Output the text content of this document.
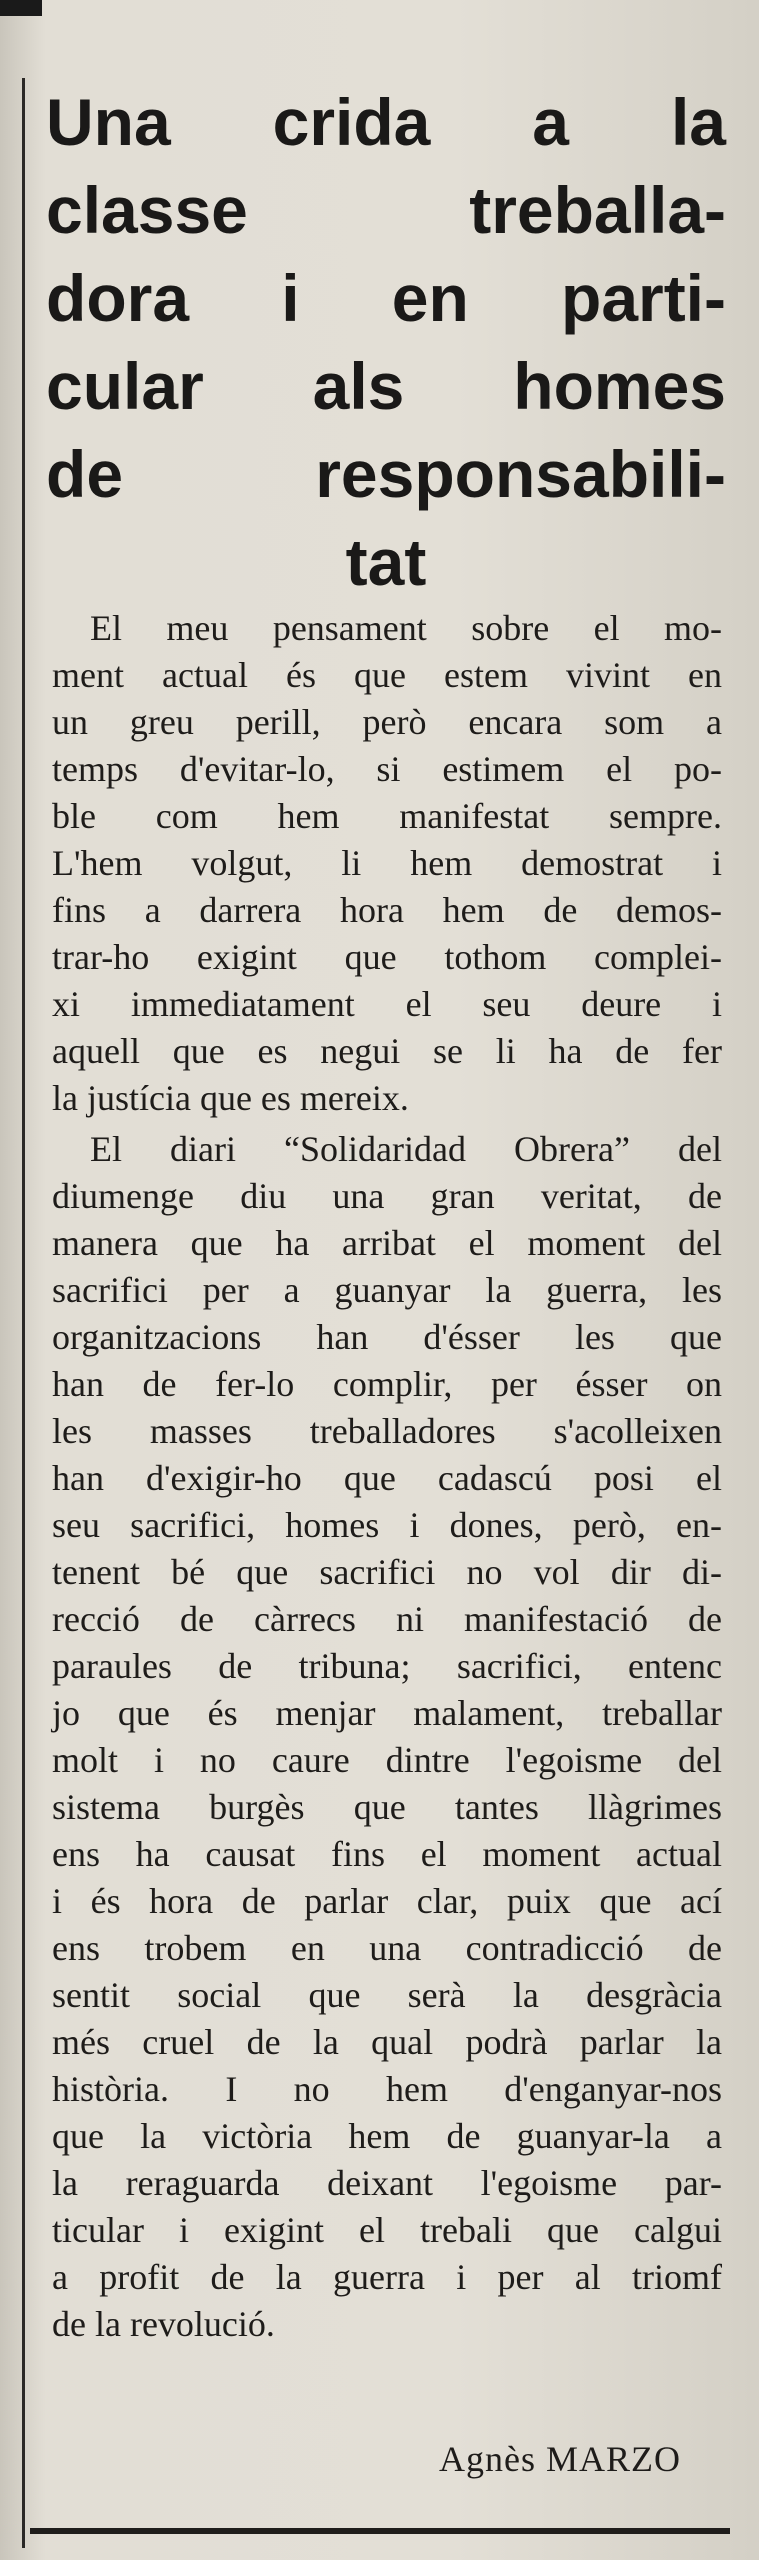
Una crida a la
classe treballa-
dora i en parti-
cular als homes
de responsabili-
tat
El meu pensament sobre el mo-
ment actual és que estem vivint en
un greu perill, però encara som a
temps d'evitar-lo, si estimem el po-
ble com hem manifestat sempre.
L'hem volgut, li hem demostrat i
fins a darrera hora hem de demos-
trar-ho exigint que tothom complei-
xi immediatament el seu deure i
aquell que es negui se li ha de fer
la justícia que es mereix.
El diari “Solidaridad Obrera” del
diumenge diu una gran veritat, de
manera que ha arribat el moment del
sacrifici per a guanyar la guerra, les
organitzacions han d'ésser les que
han de fer-lo complir, per ésser on
les masses treballadores s'acolleixen
han d'exigir-ho que cadascú posi el
seu sacrifici, homes i dones, però, en-
tenent bé que sacrifici no vol dir di-
recció de càrrecs ni manifestació de
paraules de tribuna; sacrifici, entenc
jo que és menjar malament, treballar
molt i no caure dintre l'egoisme del
sistema burgès que tantes llàgrimes
ens ha causat fins el moment actual
i és hora de parlar clar, puix que ací
ens trobem en una contradicció de
sentit social que serà la desgràcia
més cruel de la qual podrà parlar la
història. I no hem d'enganyar-nos
que la victòria hem de guanyar-la a
la reraguarda deixant l'egoisme par-
ticular i exigint el trebali que calgui
a profit de la guerra i per al triomf
de la revolució.
Agnès MARZO
